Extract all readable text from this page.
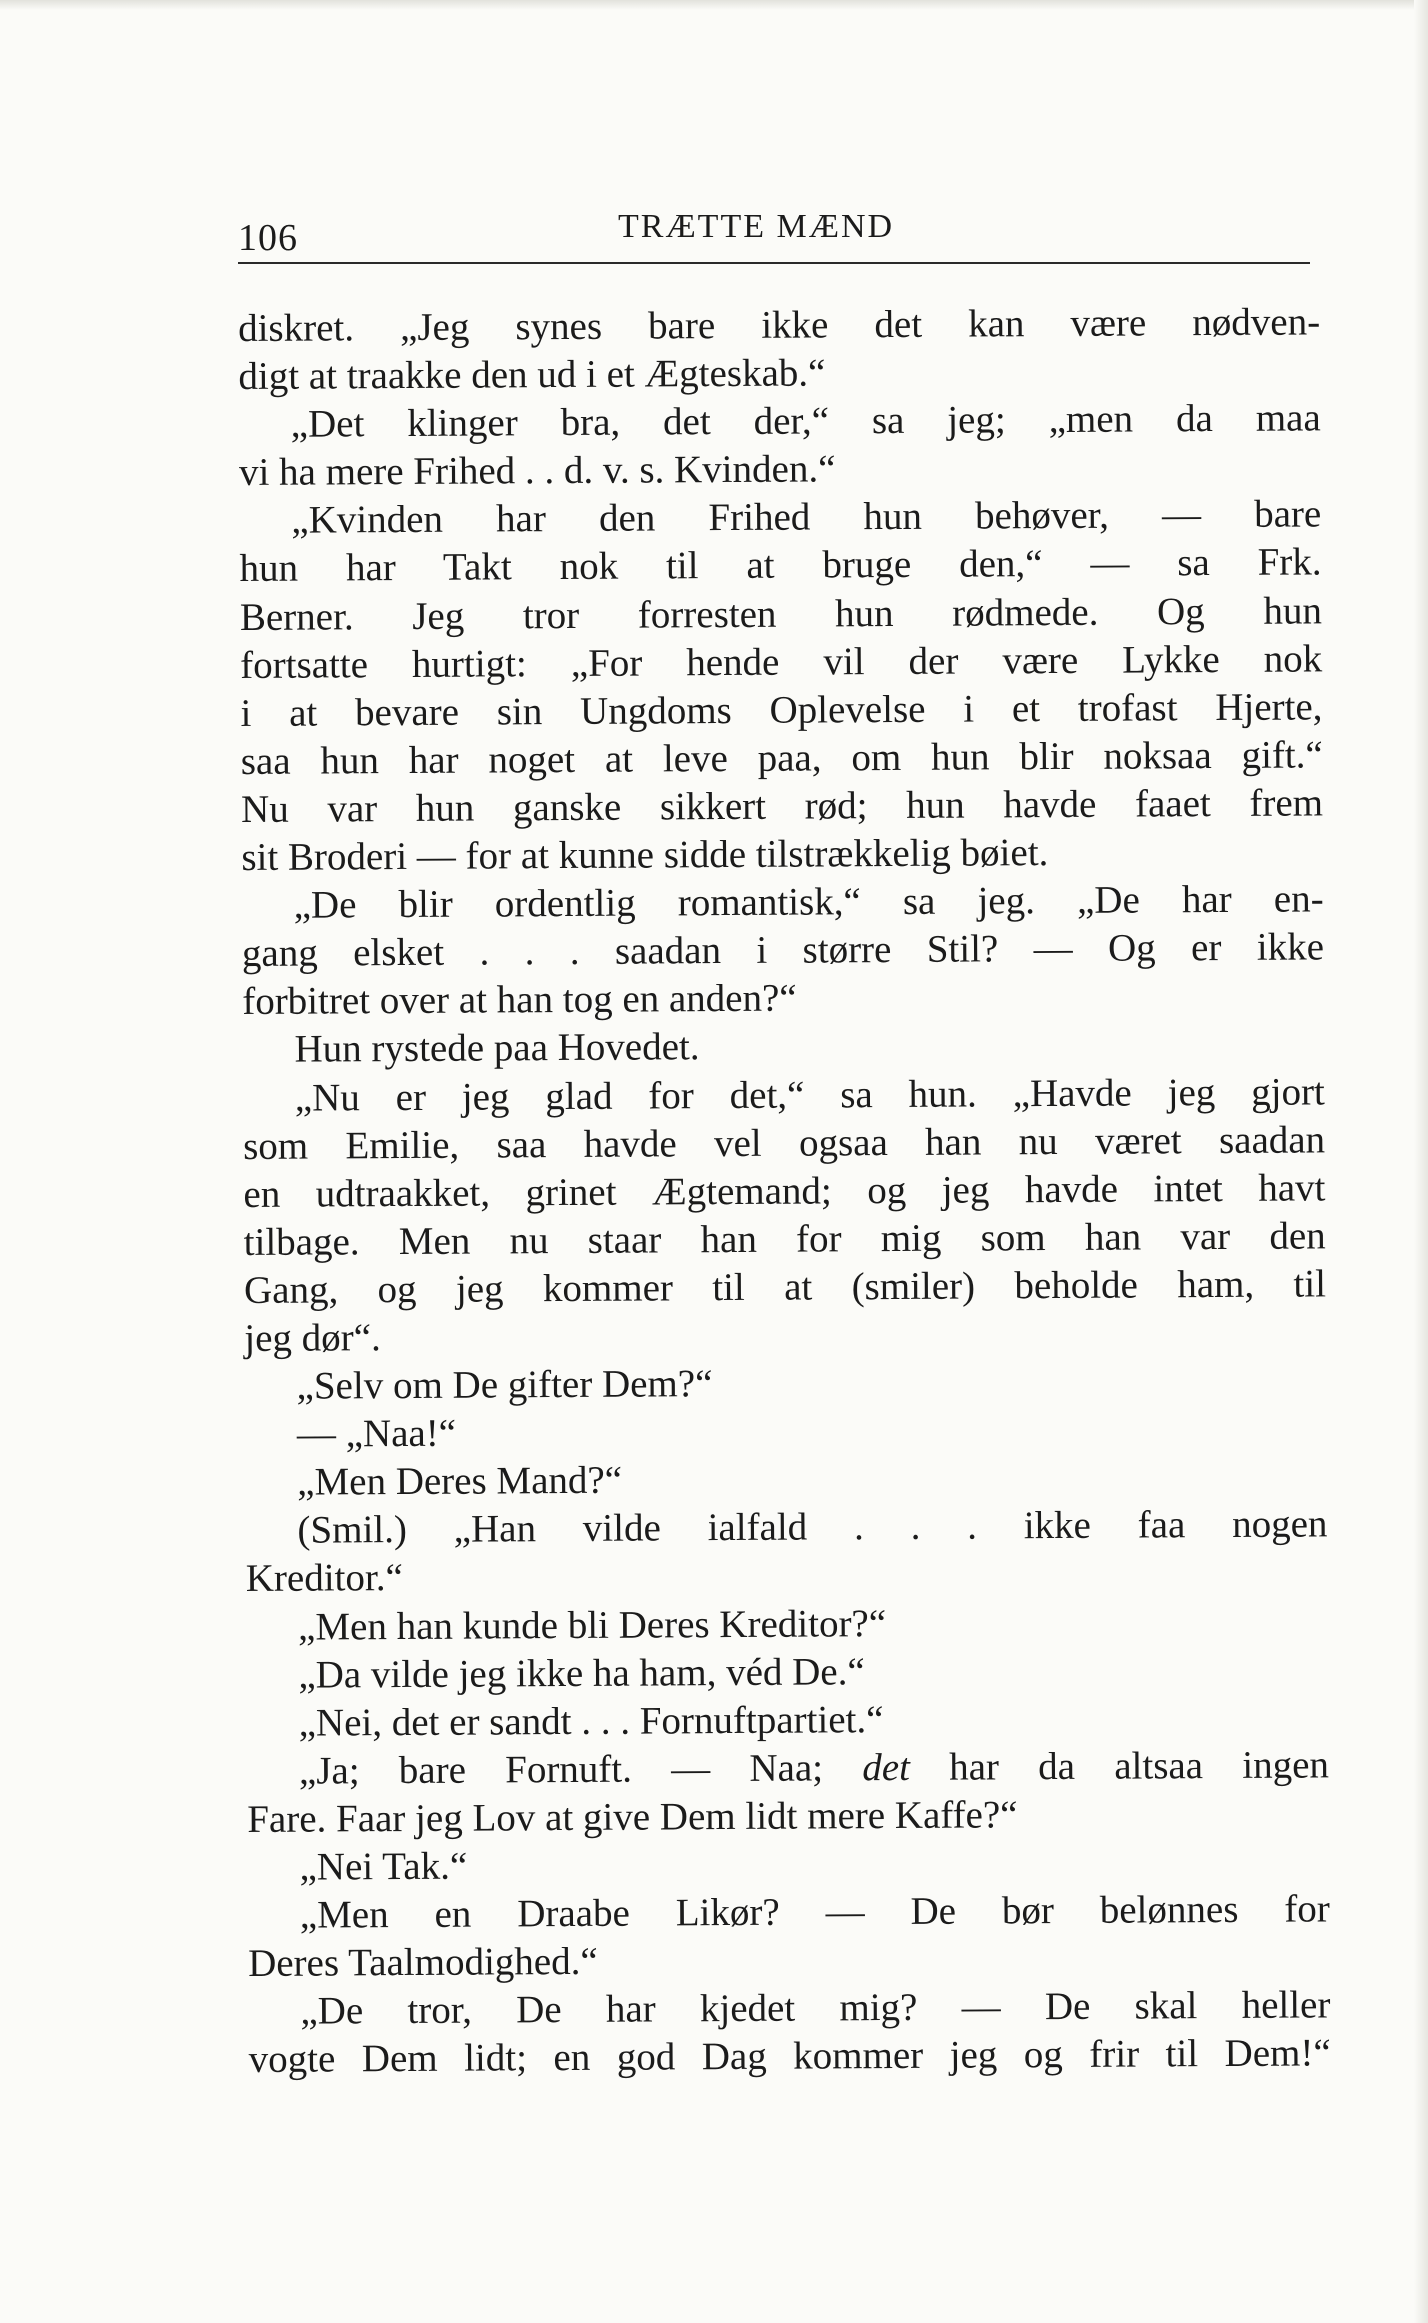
106	TRÆTTE MÆND
diskret. „Jeg synes bare ikke det kan være nødven-
digt at traakke den ud i et Ægteskab.“
„Det klinger bra, det der,“ sa jeg; „men da maa
vi ha mere Frihed . . d. v. s. Kvinden.“
„Kvinden har den Frihed hun behøver, — bare
hun har Takt nok til at bruge den,“ — sa Frk.
Berner. Jeg tror forresten hun rødmede. Og hun
fortsatte hurtigt: „For hende vil der være Lykke nok
i at bevare sin Ungdoms Oplevelse i et trofast Hjerte,
saa hun har noget at leve paa, om hun blir noksaa gift.“
Nu var hun ganske sikkert rød; hun havde faaet frem
sit Broderi — for at kunne sidde tilstrækkelig bøiet.
„De blir ordentlig romantisk,“ sa jeg. „De har en-
gang elsket . . . saadan i større Stil? — Og er ikke
forbitret over at han tog en anden?“
Hun rystede paa Hovedet.
„Nu er jeg glad for det,“ sa hun. „Havde jeg gjort
som Emilie, saa havde vel ogsaa han nu været saadan
en udtraakket, grinet Ægtemand; og jeg havde intet havt
tilbage. Men nu staar han for mig som han var den
Gang, og jeg kommer til at (smiler) beholde ham, til
jeg dør“.
„Selv om De gifter Dem?“
— „Naa!“
„Men Deres Mand?“
(Smil.) „Han vilde ialfald . . . ikke faa nogen
Kreditor.“
„Men han kunde bli Deres Kreditor?“
„Da vilde jeg ikke ha ham, véd De.“
„Nei, det er sandt . . . Fornuftpartiet.“
„Ja; bare Fornuft. — Naa; det har da altsaa ingen
Fare. Faar jeg Lov at give Dem lidt mere Kaffe?“
„Nei Tak.“
„Men en Draabe Likør? — De bør belønnes for
Deres Taalmodighed.“
„De tror, De har kjedet mig? — De skal heller
vogte Dem lidt; en god Dag kommer jeg og frir til Dem!“
